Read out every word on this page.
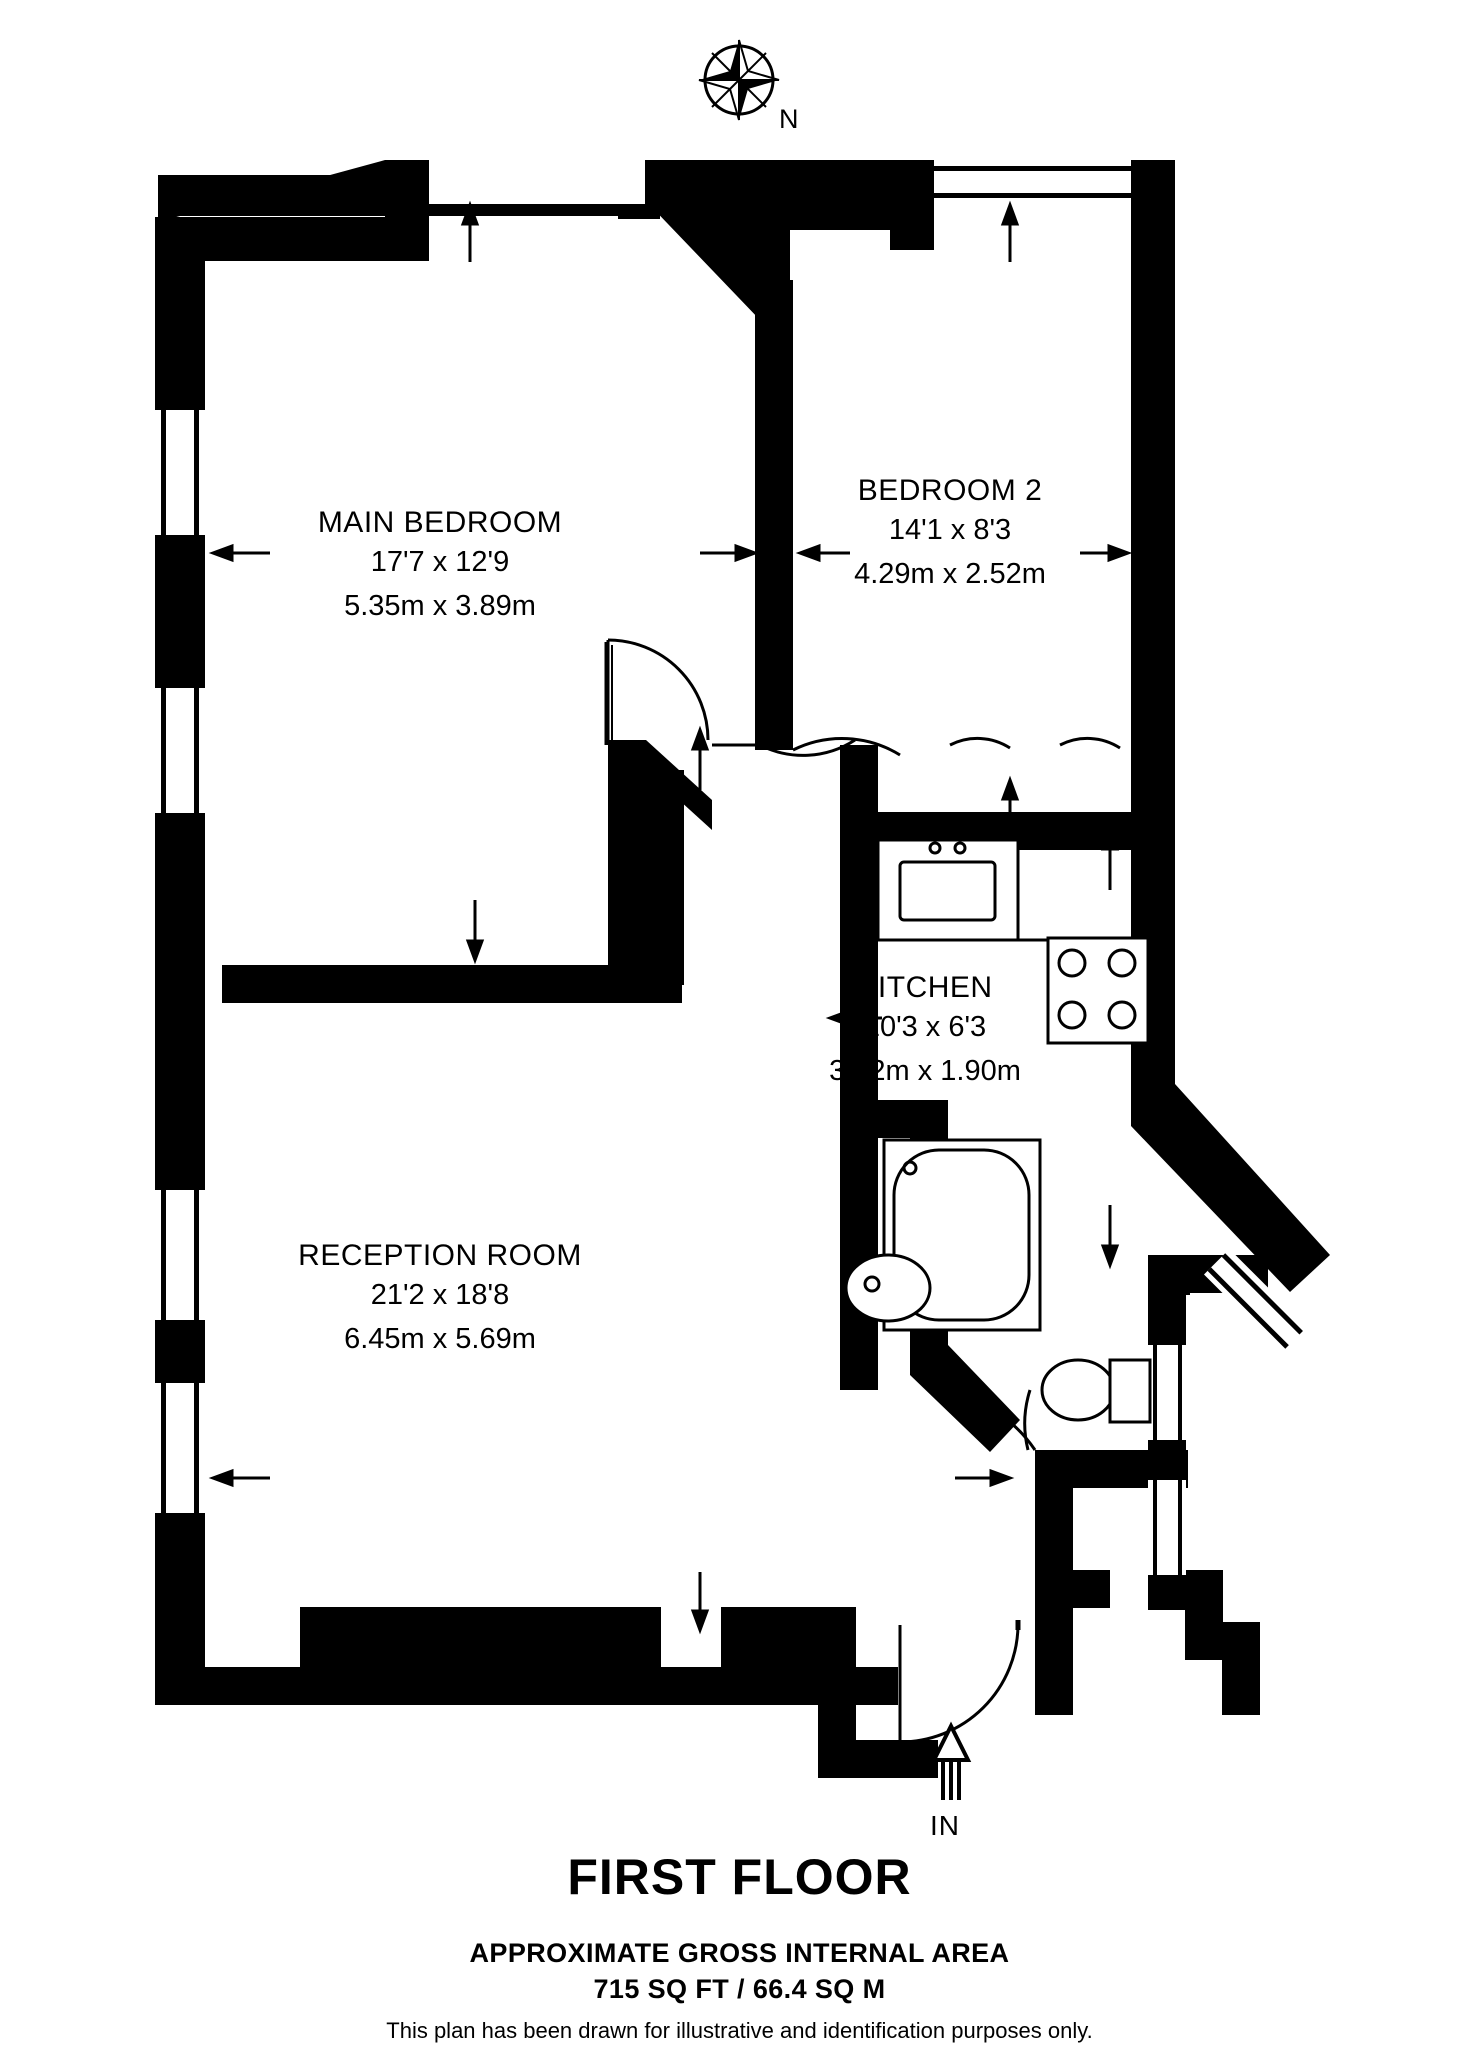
MAIN BEDROOM
17'7 x 12'9
5.35m x 3.89m
BEDROOM 2
14'1 x 8'3
4.29m x 2.52m
KITCHEN
10'3 x 6'3
3.12m x 1.90m
RECEPTION ROOM
21'2 x 18'8
6.45m x 5.69m
N
IN
FIRST FLOOR
APPROXIMATE GROSS INTERNAL AREA
715 SQ FT / 66.4 SQ M
This plan has been drawn for illustrative and identification purposes only.
